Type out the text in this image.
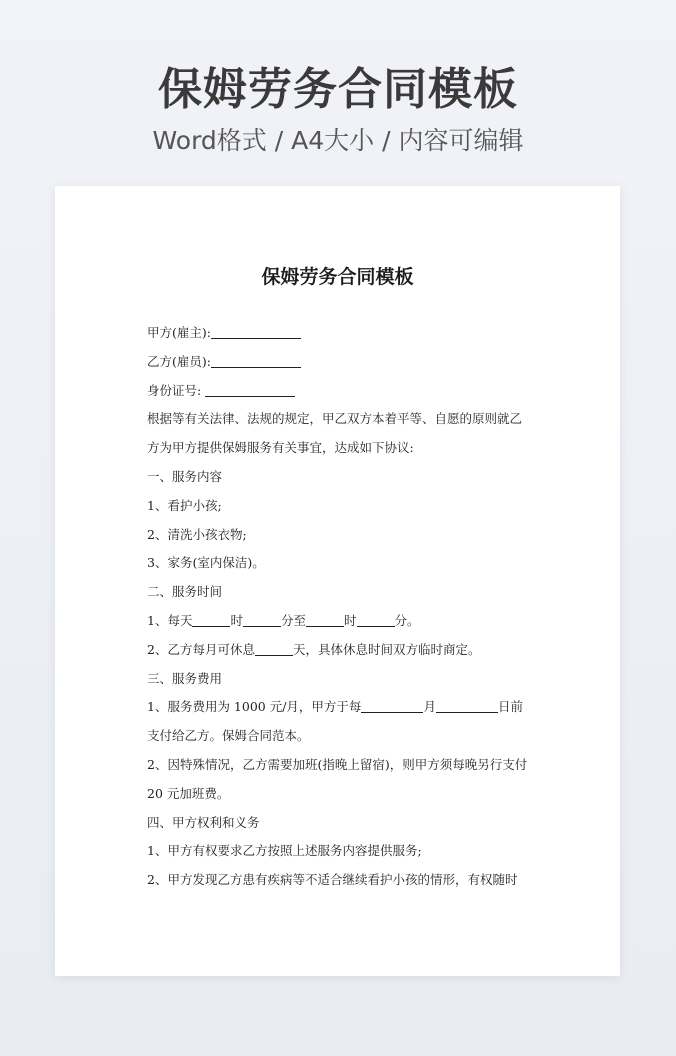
保姆劳务合同模板
Word格式 / A4大小 / 内容可编辑
保姆劳务合同模板
甲方(雇主):
乙方(雇员):
身份证号:
根据等有关法律、法规的规定，甲乙双方本着平等、自愿的原则就乙
方为甲方提供保姆服务有关事宜，达成如下协议:
一、服务内容
1、看护小孩;
2、清洗小孩衣物;
3、家务(室内保洁)。
二、服务时间
1、每天	时	分至	时	分。
2、乙方每月可休息	天，具体休息时间双方临时商定。
三、服务费用
1、服务费用为 1000 元/月，甲方于每	月	日前
支付给乙方。保姆合同范本。
2、因特殊情况，乙方需要加班(指晚上留宿)，则甲方须每晚另行支付
20 元加班费。
四、甲方权利和义务
1、甲方有权要求乙方按照上述服务内容提供服务;
2、甲方发现乙方患有疾病等不适合继续看护小孩的情形，有权随时
